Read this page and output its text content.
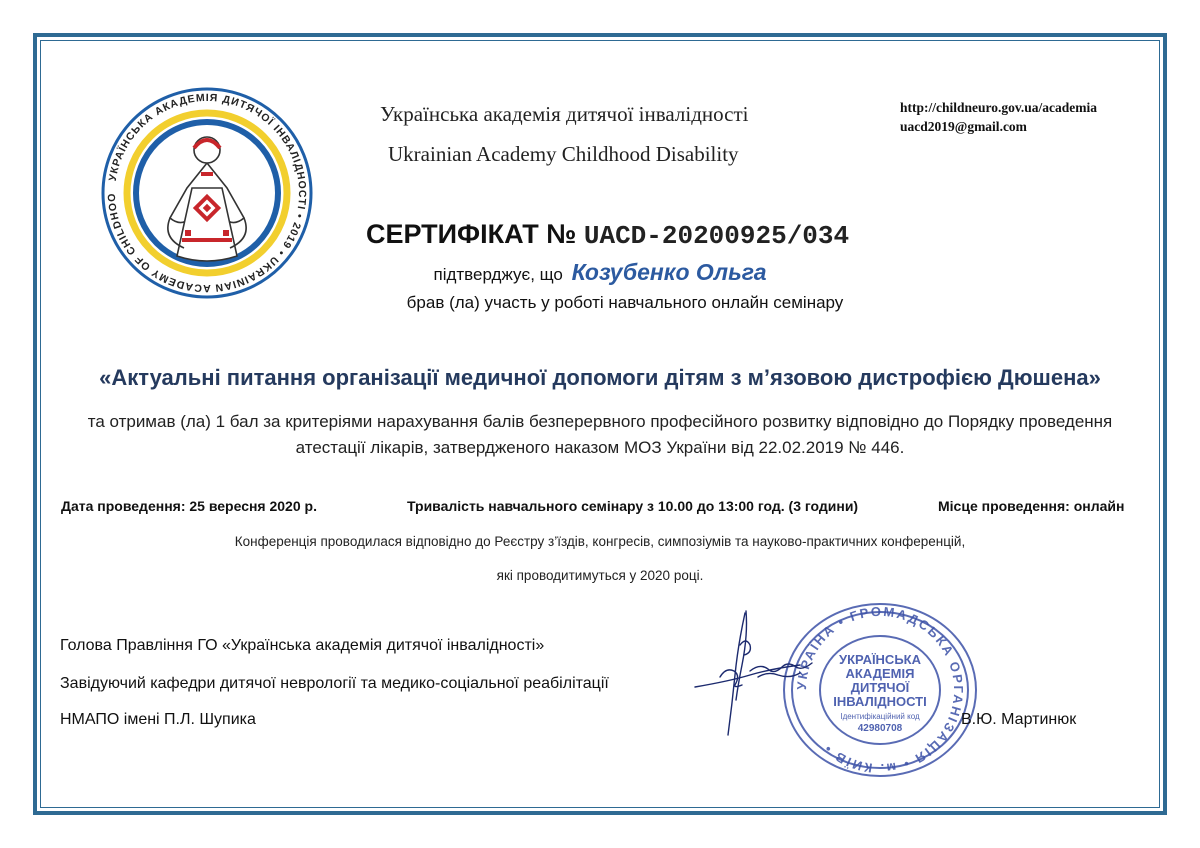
УКРАЇНСЬКА АКАДЕМІЯ ДИТЯЧОЇ ІНВАЛІДНОСТІ • 2019 • UKRAINIAN ACADEMY OF CHILDHOO
Українська академія дитячої інвалідності
Ukrainian Academy Childhood Disability
http://childneuro.gov.ua/academia
uacd2019@gmail.com
СЕРТИФІКАТ № UACD-20200925/034
підтверджує, що Козубенко Ольга
брав (ла) участь у роботі навчального онлайн семінару
«Актуальні питання організації медичної допомоги дітям з м’язовою дистрофією Дюшена»
та отримав (ла) 1 бал за критеріями нарахування балів безперервного професійного розвитку відповідно до Порядку проведення атестації лікарів, затвердженого наказом МОЗ України від 22.02.2019 № 446.
Дата проведення: 25 вересня 2020 р.	Тривалість навчального семінару з 10.00 до 13:00 год. (3 години)	Місце проведення: онлайн
Конференція проводилася відповідно до Реєстру з’їздів, конгресів, симпозіумів та науково-практичних конференцій,
які проводитимуться у 2020 році.
Голова Правління ГО «Українська академія дитячої інвалідності»
Завідуючий кафедри дитячої неврології та медико-соціальної реабілітації
НМАПО імені П.Л. Шупика
УКРАЇНА • ГРОМАДСЬКА ОРГАНІЗАЦІЯ • м. КИЇВ •
УКРАЇНСЬКА
АКАДЕМІЯ
ДИТЯЧОЇ
ІНВАЛІДНОСТІ
Ідентифікаційний код
42980708
В.Ю. Мартинюк
